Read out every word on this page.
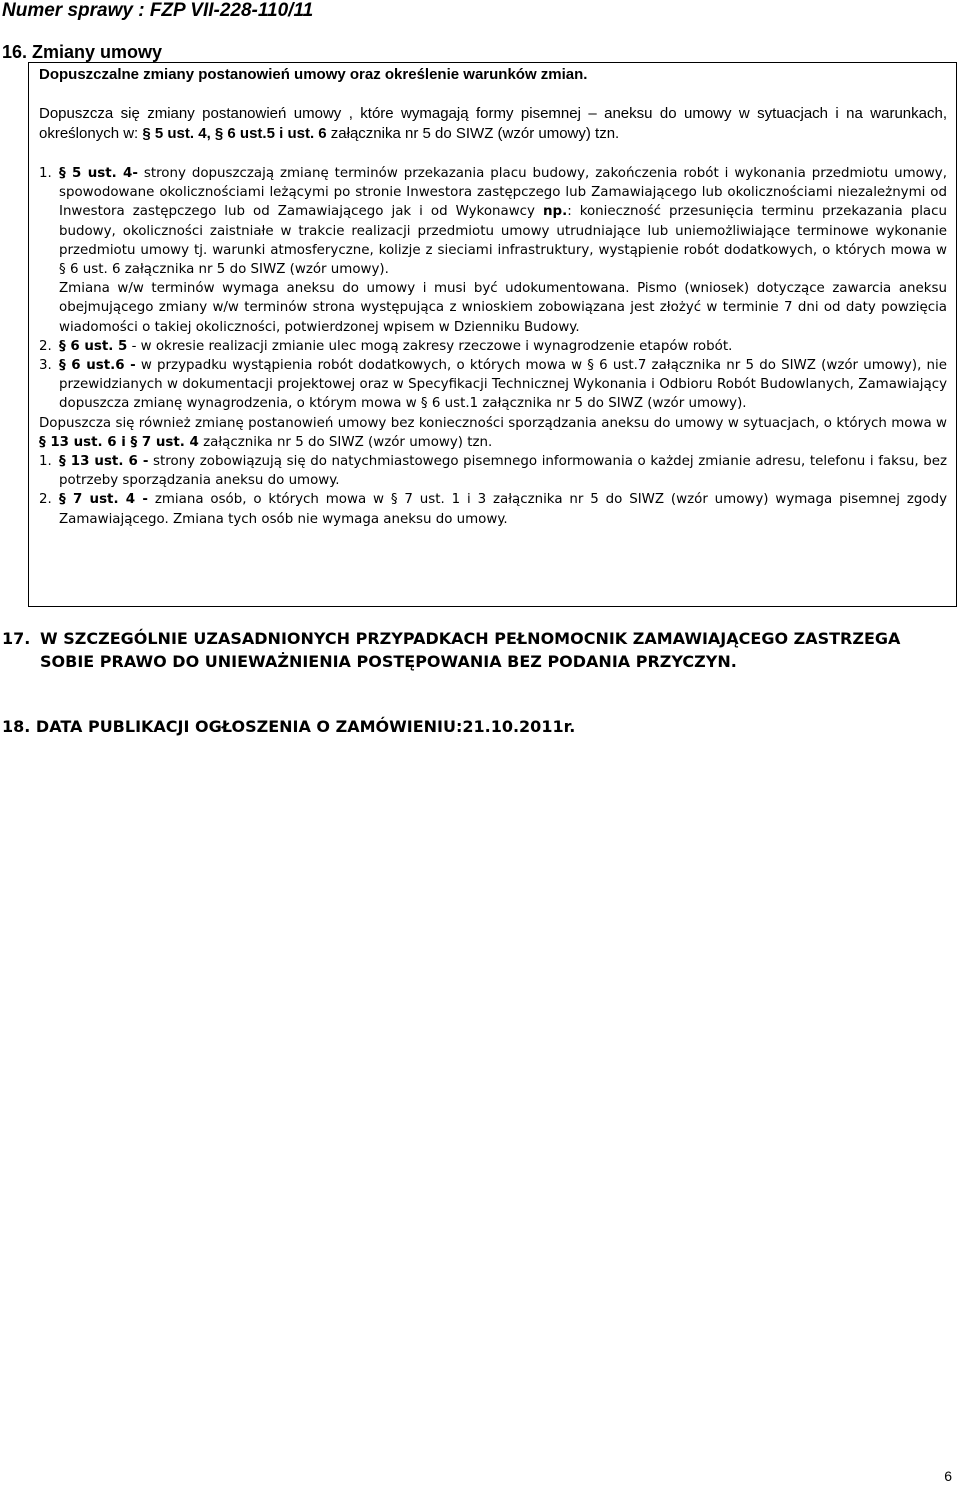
Numer sprawy : FZP VII-228-110/11
16. Zmiany umowy
Dopuszczalne zmiany postanowień umowy oraz określenie warunków zmian.
Dopuszcza się zmiany postanowień umowy , które wymagają formy pisemnej – aneksu do umowy w sytuacjach i na warunkach, określonych w: § 5 ust. 4, § 6 ust.5 i ust. 6 załącznika nr 5 do SIWZ (wzór umowy) tzn.
1. § 5 ust. 4- strony dopuszczają zmianę terminów przekazania placu budowy, zakończenia robót i wykonania przedmiotu umowy, spowodowane okolicznościami leżącymi po stronie Inwestora zastępczego lub Zamawiającego lub okolicznościami niezależnymi od Inwestora zastępczego lub od Zamawiającego jak i od Wykonawcy np.: konieczność przesunięcia terminu przekazania placu budowy, okoliczności zaistniałe w trakcie realizacji przedmiotu umowy utrudniające lub uniemożliwiające terminowe wykonanie przedmiotu umowy tj. warunki atmosferyczne, kolizje z sieciami infrastruktury, wystąpienie robót dodatkowych, o których mowa w § 6 ust. 6 załącznika nr 5 do SIWZ (wzór umowy).
Zmiana w/w terminów wymaga aneksu do umowy i musi być udokumentowana. Pismo (wniosek) dotyczące zawarcia aneksu obejmującego zmiany w/w terminów strona występująca z wnioskiem zobowiązana jest złożyć w terminie 7 dni od daty powzięcia wiadomości o takiej okoliczności, potwierdzonej wpisem w Dzienniku Budowy.
2. § 6 ust. 5 - w okresie realizacji zmianie ulec mogą zakresy rzeczowe i wynagrodzenie etapów robót.
3. § 6 ust.6 - w przypadku wystąpienia robót dodatkowych, o których mowa w § 6 ust.7 załącznika nr 5 do SIWZ (wzór umowy), nie przewidzianych w dokumentacji projektowej oraz w Specyfikacji Technicznej Wykonania i Odbioru Robót Budowlanych, Zamawiający dopuszcza zmianę wynagrodzenia, o którym mowa w § 6 ust.1 załącznika nr 5 do SIWZ (wzór umowy).

Dopuszcza się również zmianę postanowień umowy bez konieczności sporządzania aneksu do umowy w sytuacjach, o których mowa w § 13 ust. 6 i § 7 ust. 4 załącznika nr 5 do SIWZ (wzór umowy) tzn.

1. § 13 ust. 6 - strony zobowiązują się do natychmiastowego pisemnego informowania o każdej zmianie adresu, telefonu i faksu, bez potrzeby sporządzania aneksu do umowy.
2. § 7 ust. 4 - zmiana osób, o których mowa w § 7 ust. 1 i 3 załącznika nr 5 do SIWZ (wzór umowy) wymaga pisemnej zgody Zamawiającego. Zmiana tych osób nie wymaga aneksu do umowy.
17. W SZCZEGÓLNIE UZASADNIONYCH PRZYPADKACH PEŁNOMOCNIK ZAMAWIAJĄCEGO ZASTRZEGA SOBIE PRAWO DO UNIEWAŻNIENIA POSTĘPOWANIA BEZ PODANIA PRZYCZYN.
18. DATA PUBLIKACJI OGŁOSZENIA O ZAMÓWIENIU:21.10.2011r.
6
